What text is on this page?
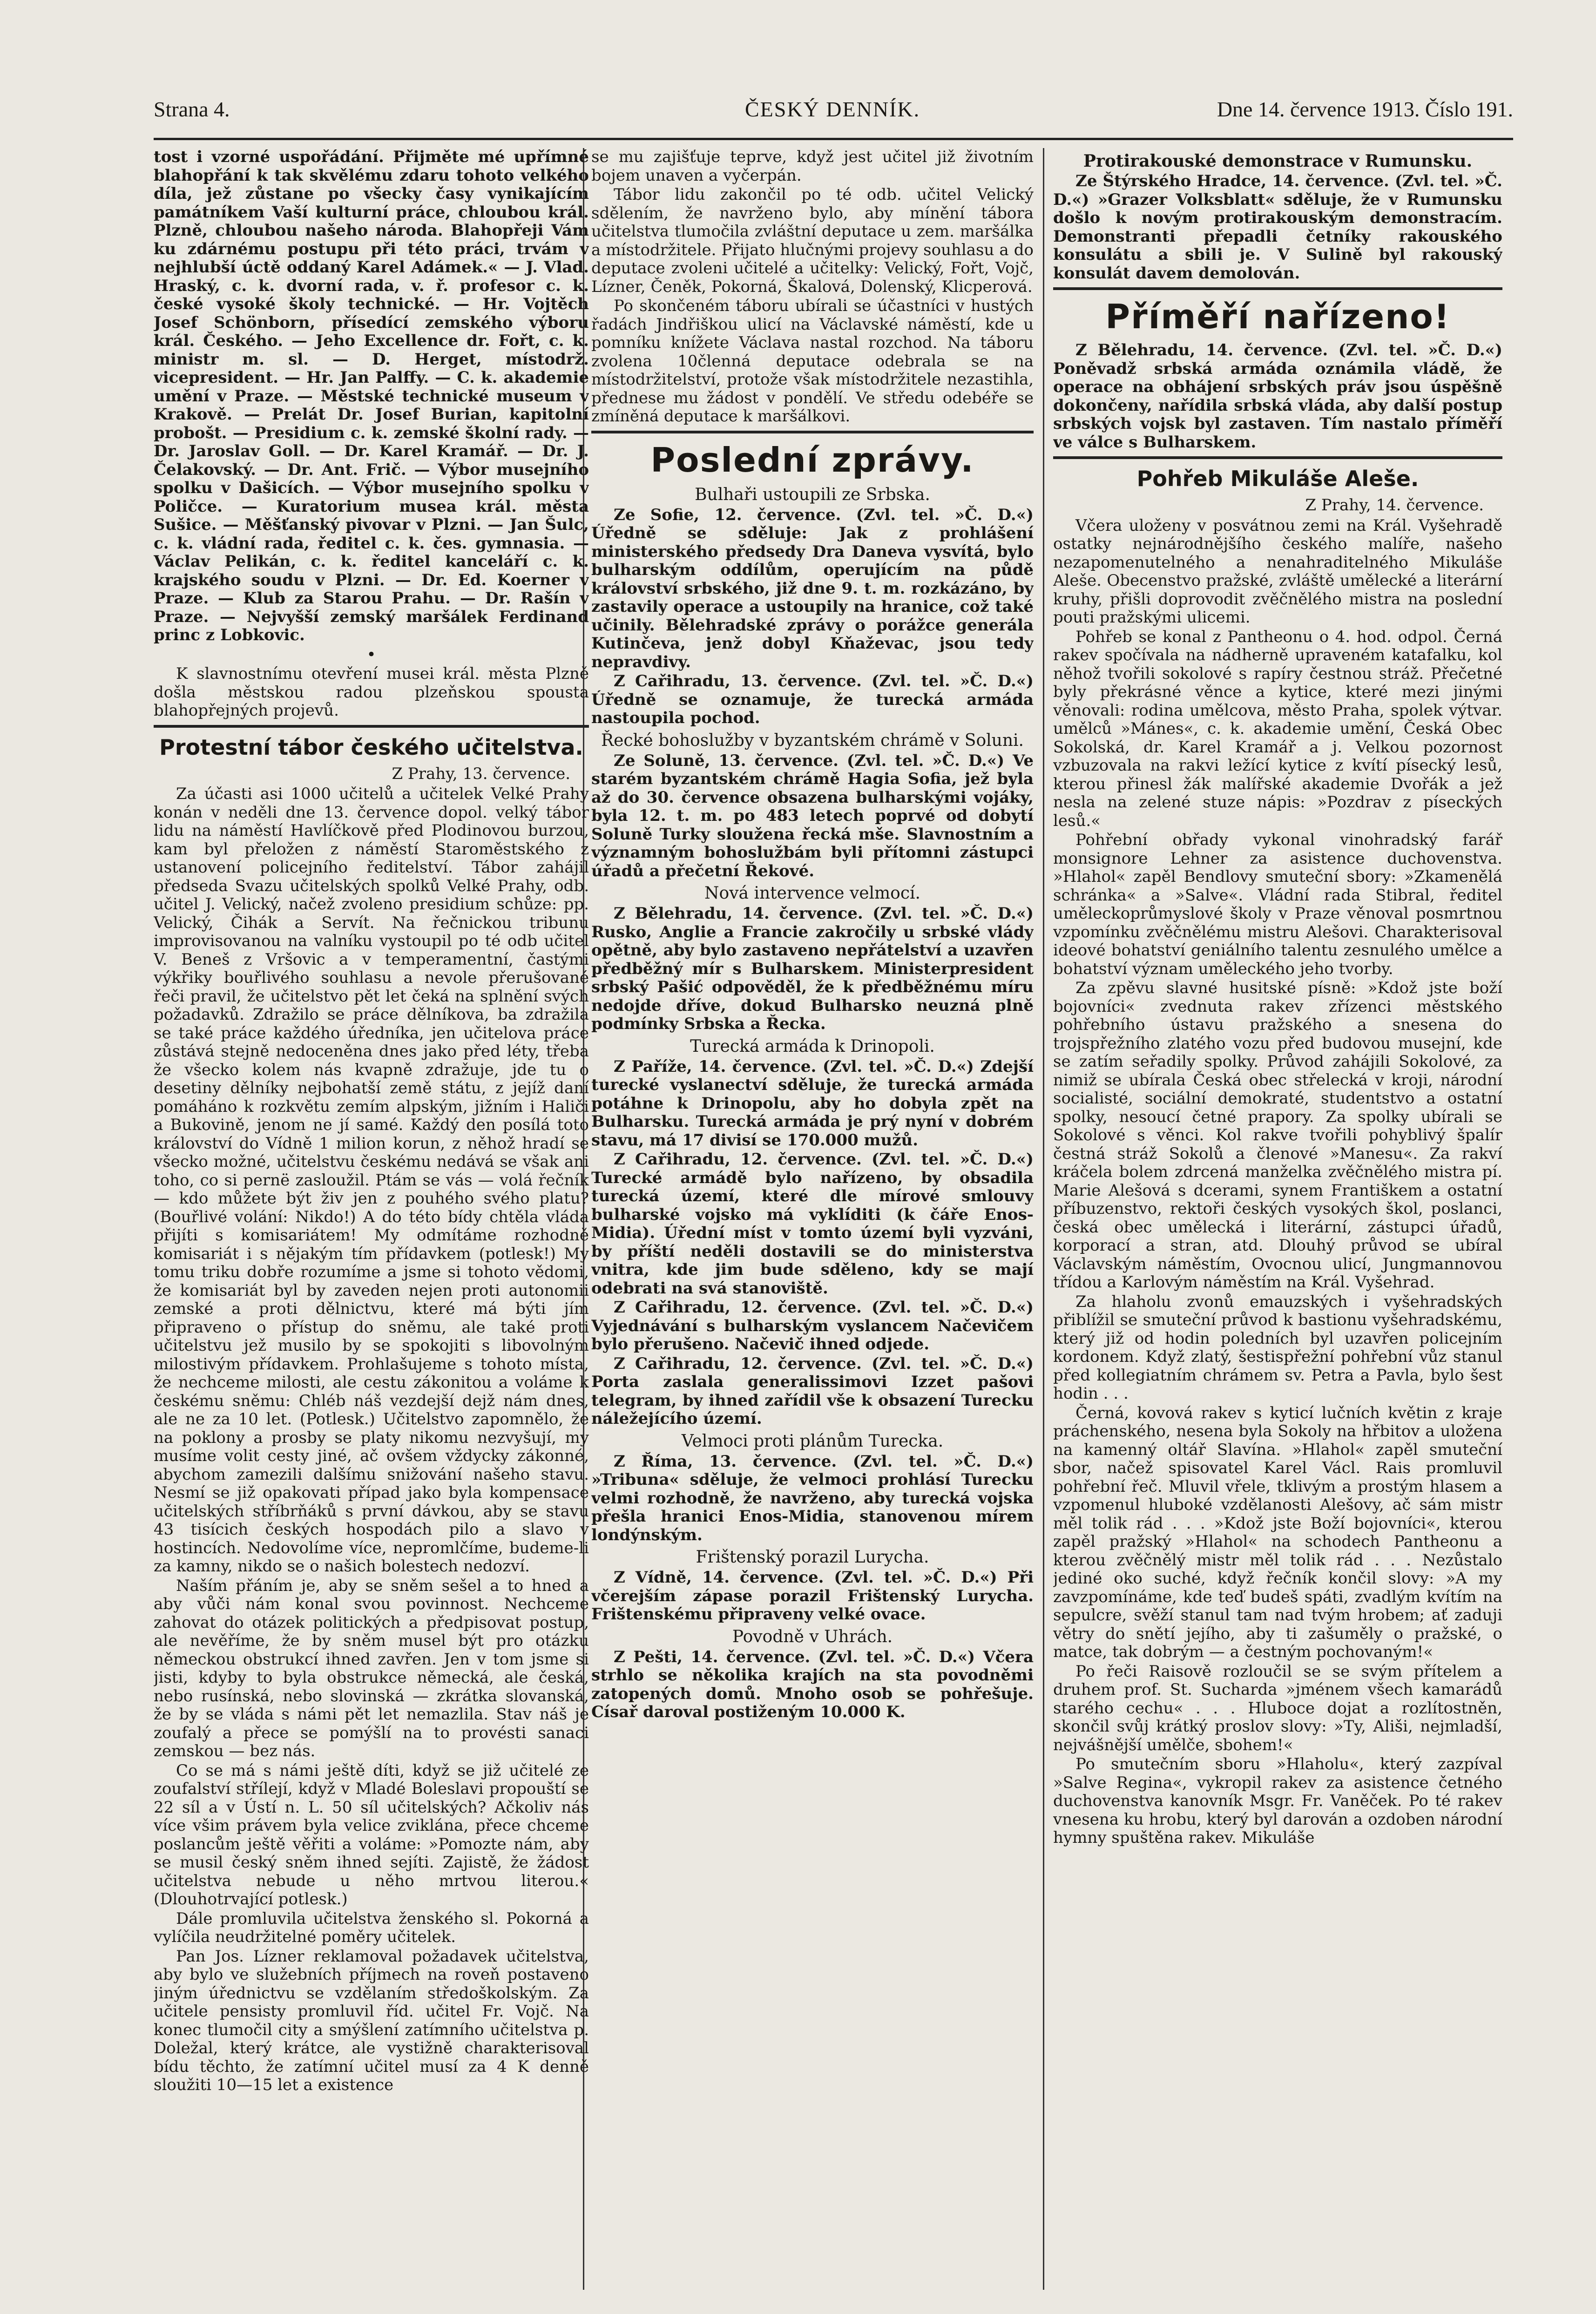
Strana 4.	ČESKÝ DENNÍK.	Dne 14. července 1913. Číslo 191.

tost i vzorné uspořádání. Přijměte mé upřímné blahopřání k tak skvělému zdaru tohoto velkého díla, jež zůstane po všecky časy vynikajícím památníkem Vaší kulturní práce, chloubou král. Plzně, chloubou našeho národa. Blahopřeji Vám ku zdárnému postupu při této práci, trvám v nejhlubší úctě oddaný Karel Adámek.« — J. Vlad. Hraský, c. k. dvorní rada, v. ř. profesor c. k. české vysoké školy technické. — Hr. Vojtěch Josef Schönborn, přísedící zemského výboru král. Českého. — Jeho Excellence dr. Fořt, c. k. ministr m. sl. — D. Herget, místodrž. vicepresident. — Hr. Jan Palffy. — C. k. akademie umění v Praze. — Městské technické museum v Krakově. — Prelát Dr. Josef Burian, kapitolní probošt. — Presidium c. k. zemské školní rady. — Dr. Jaroslav Goll. — Dr. Karel Kramář. — Dr. J. Čelakovský. — Dr. Ant. Frič. — Výbor musejního spolku v Dašicích. — Výbor musejního spolku v Poličce. — Kuratorium musea král. města Sušice. — Měšťanský pivovar v Plzni. — Jan Šulc, c. k. vládní rada, ředitel c. k. čes. gymnasia. — Václav Pelikán, c. k. ředitel kanceláří c. k. krajského soudu v Plzni. — Dr. Ed. Koerner v Praze. — Klub za Starou Prahu. — Dr. Rašín v Praze. — Nejvyšší zemský maršálek Ferdinand princ z Lobkovic.

•

K slavnostnímu otevření musei král. města Plzně došla městskou radou plzeňskou spousta blahopřejných projevů.

Protestní tábor českého učitelstva.
Z Prahy, 13. července.

Za účasti asi 1000 učitelů a učitelek Velké Prahy konán v neděli dne 13. července dopol. velký tábor lidu na náměstí Havlíčkově před Plodinovou burzou, kam byl přeložen z náměstí Staroměstského z ustanovení policejního ředitelství. Tábor zahájil předseda Svazu učitelských spolků Velké Prahy, odb. učitel J. Velický, načež zvoleno presidium schůze: pp. Velický, Čihák a Servít. Na řečnickou tribunu improvisovanou na valníku vystoupil po té odb učitel V. Beneš z Vršovic a v temperamentní, častými výkřiky bouřlivého souhlasu a nevole přerušované řeči pravil, že učitelstvo pět let čeká na splnění svých požadavků. Zdražilo se práce dělníkova, ba zdražila se také práce každého úředníka, jen učitelova práce zůstává stejně nedoceněna dnes jako před léty, třeba že všecko kolem nás kvapně zdražuje, jde tu o desetiny dělníky nejbohatší země státu, z jejíž daní pomáháno k rozkvětu zemím alpským, jižním i Haliči a Bukovině, jenom ne jí samé. Každý den posílá toto království do Vídně 1 milion korun, z něhož hradí se všecko možné, učitelstvu českému nedává se však ani toho, co si pernë zasloužil. Ptám se vás — volá řečník — kdo můžete být živ jen z pouhého svého platu? (Bouřlivé volání: Nikdo!) A do této bídy chtěla vláda přijíti s komisariátem! My odmítáme rozhodně komisariát i s nějakým tím přídavkem (potlesk!) My tomu triku dobře rozumíme a jsme si tohoto vědomi, že komisariát byl by zaveden nejen proti autonomii zemské a proti dělnictvu, které má býti jím připraveno o přístup do sněmu, ale také proti učitelstvu jež musilo by se spokojiti s libovolným milostivým přídavkem. Prohlašujeme s tohoto místa, že nechceme milosti, ale cestu zákonitou a voláme k českému sněmu: Chléb náš vezdejší dejž nám dnes, ale ne za 10 let. (Potlesk.) Učitelstvo zapomnělo, že na poklony a prosby se platy nikomu nezvyšují, my musíme volit cesty jiné, ač ovšem vždycky zákonné, abychom zamezili dalšímu snižování našeho stavu. Nesmí se již opakovati případ jako byla kompensace učitelských stříbrňáků s první dávkou, aby se stavu 43 tisícich českých hospodách pilo a slavo v hostincích. Nedovolíme více, nepromlčíme, budeme-li za kamny, nikdo se o našich bolestech nedozví.

Naším přáním je, aby se sněm sešel a to hned a aby vůči nám konal svou povinnost. Nechceme zahovat do otázek politických a předpisovat postup, ale nevěříme, že by sněm musel být pro otázku německou obstrukcí ihned zavřen. Jen v tom jsme si jisti, kdyby to byla obstrukce německá, ale česká, nebo rusínská, nebo slovinská — zkrátka slovanská, že by se vláda s námi pět let nemazlila. Stav náš je zoufalý a přece se pomýšlí na to provésti sanaci zemskou — bez nás.

Co se má s námi ještě díti, když se již učitelé ze zoufalství střílejí, když v Mladé Boleslavi propouští se 22 síl a v Ústí n. L. 50 síl učitelských? Ačkoliv nás více všim právem byla velice zviklána, přece chceme poslancům ještě věřiti a voláme: »Pomozte nám, aby se musil český sněm ihned sejíti. Zajistě, že žádost učitelstva nebude u něho mrtvou literou.« (Dlouhotrvající potlesk.)

Dále promluvila učitelstva ženského sl. Pokorná a vylíčila neudržitelné poměry učitelek.

Pan Jos. Lízner reklamoval požadavek učitelstva, aby bylo ve služebních příjmech na roveň postaveno jiným úřednictvu se vzdělaním středoškolským. Za učitele pensisty promluvil říd. učitel Fr. Vojč. Na konec tlumočil city a smýšlení zatímního učitelstva p. Doležal, který krátce, ale vystižně charakterisoval bídu těchto, že zatímní učitel musí za 4 K denně sloužiti 10—15 let a existence

se mu zajišťuje teprve, když jest učitel již životním bojem unaven a vyčerpán.

Tábor lidu zakončil po té odb. učitel Velický sdělením, že navrženo bylo, aby mínění tábora učitelstva tlumočila zvláštní deputace u zem. maršálka a místodržitele. Přijato hlučnými projevy souhlasu a do deputace zvoleni učitelé a učitelky: Velický, Fořt, Vojč, Lízner, Čeněk, Pokorná, Škalová, Dolenský, Klicperová.

Po skončeném táboru ubírali se účastníci v hustých řadách Jindřiškou ulicí na Václavské náměstí, kde u pomníku knížete Václava nastal rozchod. Na táboru zvolena 10členná deputace odebrala se na místodržitelství, protože však místodržitele nezastihla, přednese mu žádost v pondělí. Ve středu odebéře se zmíněná deputace k maršálkovi.

Poslední zprávy.
Bulhaři ustoupili ze Srbska.

Ze Sofie, 12. července. (Zvl. tel. »Č. D.«) Úředně se sděluje: Jak z prohlášení ministerského předsedy Dra Daneva vysvítá, bylo bulharským oddílům, operujícím na půdě království srbského, již dne 9. t. m. rozkázáno, by zastavily operace a ustoupily na hranice, což také učinily. Bělehradské zprávy o porážce generála Kutinčeva, jenž dobyl Kňaževac, jsou tedy nepravdivy.

Z Cařihradu, 13. července. (Zvl. tel. »Č. D.«) Úředně se oznamuje, že turecká armáda nastoupila pochod.

Řecké bohoslužby v byzantském chrámě v Soluni.

Ze Soluně, 13. července. (Zvl. tel. »Č. D.«) Ve starém byzantském chrámě Hagia Sofia, jež byla až do 30. července obsazena bulharskými vojáky, byla 12. t. m. po 483 letech poprvé od dobytí Soluně Turky sloužena řecká mše. Slavnostním a významným bohoslužbám byli přítomni zástupci úřadů a přečetní Řekové.

Nová intervence velmocí.

Z Bělehradu, 14. července. (Zvl. tel. »Č. D.«) Rusko, Anglie a Francie zakročily u srbské vlády opětně, aby bylo zastaveno nepřátelství a uzavřen předběžný mír s Bulharskem. Ministerpresident srbský Pašić odpověděl, že k předběžnému míru nedojde dříve, dokud Bulharsko neuzná plně podmínky Srbska a Řecka.

Turecká armáda k Drinopoli.

Z Paříže, 14. července. (Zvl. tel. »Č. D.«) Zdejší turecké vyslanectví sděluje, že turecká armáda potáhne k Drinopolu, aby ho dobyla zpět na Bulharsku. Turecká armáda je prý nyní v dobrém stavu, má 17 divisí se 170.000 mužů.

Z Cařihradu, 12. července. (Zvl. tel. »Č. D.«) Turecké armádě bylo nařízeno, by obsadila turecká území, které dle mírové smlouvy bulharské vojsko má vyklíditi (k čáře Enos-Midia). Úřední míst v tomto území byli vyzváni, by příští neděli dostavili se do ministerstva vnitra, kde jim bude sděleno, kdy se mají odebrati na svá stanoviště.

Z Cařihradu, 12. července. (Zvl. tel. »Č. D.«) Vyjednávání s bulharským vyslancem Načevičem bylo přerušeno. Načevič ihned odjede.

Z Cařihradu, 12. července. (Zvl. tel. »Č. D.«) Porta zaslala generalissimovi Izzet pašovi telegram, by ihned zařídil vše k obsazení Turecku náležejícího území.

Velmoci proti plánům Turecka.

Z Říma, 13. července. (Zvl. tel. »Č. D.«) »Tribuna« sděluje, že velmoci prohlásí Turecku velmi rozhodně, že navrženo, aby turecká vojska přešla hranici Enos-Midia, stanovenou mírem londýnským.

Frištenský porazil Lurycha.

Z Vídně, 14. července. (Zvl. tel. »Č. D.«) Při včerejším zápase porazil Frištenský Lurycha. Frištenskému připraveny velké ovace.

Povodně v Uhrách.

Z Pešti, 14. července. (Zvl. tel. »Č. D.«) Včera strhlo se několika krajích na sta povodněmi zatopených domů. Mnoho osob se pohřešuje. Císař daroval postiženým 10.000 K.

Protirakouské demonstrace v Rumunsku.

Ze Štýrského Hradce, 14. července. (Zvl. tel. »Č. D.«) »Grazer Volksblatt« sděluje, že v Rumunsku došlo k novým protirakouským demonstracím. Demonstranti přepadli četníky rakouského konsulátu a sbili je. V Sulině byl rakouský konsulát davem demolován.

Příměří nařízeno!

Z Bělehradu, 14. července. (Zvl. tel. »Č. D.«) Poněvadž srbská armáda oznámila vládě, že operace na obhájení srbských práv jsou úspěšně dokončeny, nařídila srbská vláda, aby další postup srbských vojsk byl zastaven. Tím nastalo příměří ve válce s Bulharskem.

Pohřeb Mikuláše Aleše.
Z Prahy, 14. července.

Včera uloženy v posvátnou zemi na Král. Vyšehradě ostatky nejnárodnějšího českého malíře, našeho nezapomenutelného a nenahraditelného Mikuláše Aleše. Obecenstvo pražské, zvláště umělecké a literární kruhy, přišli doprovodit zvěčnělého mistra na poslední pouti pražskými ulicemi.

Pohřeb se konal z Pantheonu o 4. hod. odpol. Černá rakev spočívala na nádherně upraveném katafalku, kol něhož tvořili sokolové s rapíry čestnou stráž. Přečetné byly překrásné věnce a kytice, které mezi jinými věnovali: rodina umělcova, město Praha, spolek výtvar. umělců »Mánes«, c. k. akademie umění, Česká Obec Sokolská, dr. Karel Kramář a j. Velkou pozornost vzbuzovala na rakvi ležící kytice z kvítí písecký lesů, kterou přinesl žák malířské akademie Dvořák a jež nesla na zelené stuze nápis: »Pozdrav z píseckých lesů.«

Pohřební obřady vykonal vinohradský farář monsignore Lehner za asistence duchovenstva. »Hlahol« zapěl Bendlovy smuteční sbory: »Zkamenělá schránka« a »Salve«. Vládní rada Stibral, ředitel uměleckoprůmyslové školy v Praze věnoval posmrtnou vzpomínku zvěčnělému mistru Alešovi. Charakterisoval ideové bohatství geniálního talentu zesnulého umělce a bohatství význam uměleckého jeho tvorby.

Za zpěvu slavné husitské písně: »Kdož jste boží bojovníci« zvednuta rakev zřízenci městského pohřebního ústavu pražského a snesena do trojspřežního zlatého vozu před budovou musejní, kde se zatím seřadily spolky. Průvod zahájili Sokolové, za nimiž se ubírala Česká obec střelecká v kroji, národní socialisté, sociální demokraté, studentstvo a ostatní spolky, nesoucí četné prapory. Za spolky ubírali se Sokolové s věnci. Kol rakve tvořili pohyblivý špalír čestná stráž Sokolů a členové »Manesu«. Za rakví kráčela bolem zdrcená manželka zvěčnělého mistra pí. Marie Alešová s dcerami, synem Františkem a ostatní příbuzenstvo, rektoři českých vysokých škol, poslanci, česká obec umělecká i literární, zástupci úřadů, korporací a stran, atd. Dlouhý průvod se ubíral Václavským náměstím, Ovocnou ulicí, Jungmannovou třídou a Karlovým náměstím na Král. Vyšehrad.

Za hlaholu zvonů emauzských i vyšehradských přiblížil se smuteční průvod k bastionu vyšehradskému, který již od hodin poledních byl uzavřen policejním kordonem. Když zlatý, šestispřežní pohřební vůz stanul před kollegiatním chrámem sv. Petra a Pavla, bylo šest hodin . . .

Černá, kovová rakev s kyticí lučních květin z kraje práchenského, nesena byla Sokoly na hřbitov a uložena na kamenný oltář Slavína. »Hlahol« zapěl smuteční sbor, načež spisovatel Karel Václ. Rais promluvil pohřební řeč. Mluvil vřele, tklivým a prostým hlasem a vzpomenul hluboké vzdělanosti Alešovy, ač sám mistr měl tolik rád . . . »Kdož jste Boží bojovníci«, kterou zapěl pražský »Hlahol« na schodech Pantheonu a kterou zvěčnělý mistr měl tolik rád . . . Nezůstalo jediné oko suché, když řečník končil slovy: »A my zavzpomínáme, kde teď budeš spáti, zvadlým kvítím na sepulcre, svěží stanul tam nad tvým hrobem; ať zaduji větry do snětí jejího, aby ti zašuměly o pražské, o matce, tak dobrým — a čestným pochovaným!«

Po řeči Raisově rozloučil se se svým přítelem a druhem prof. St. Sucharda »jménem všech kamarádů starého cechu« . . . Hluboce dojat a rozlítostněn, skončil svůj krátký proslov slovy: »Ty, Ališi, nejmladší, nejvášnější umělče, sbohem!«

Po smutečním sboru »Hlaholu«, který zazpíval »Salve Regina«, vykropil rakev za asistence četného duchovenstva kanovník Msgr. Fr. Vaněček. Po té rakev vnesena ku hrobu, který byl darován a ozdoben národní hymny spuštěna rakev. Mikuláše
